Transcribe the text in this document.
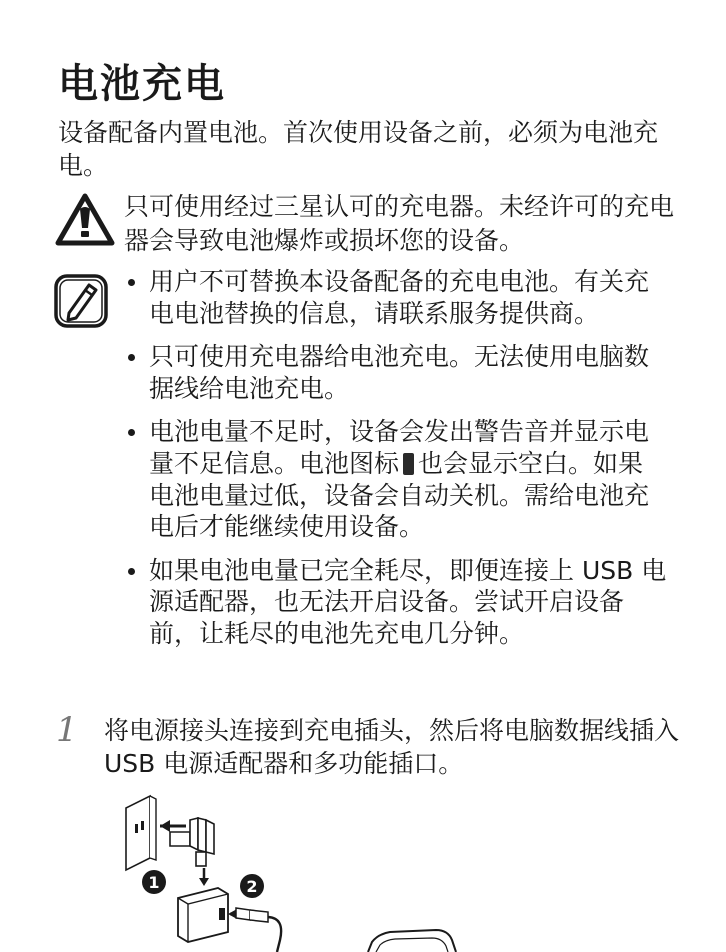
电池充电
设备配备内置电池。首次使用设备之前，必须为电池充电。
只可使用经过三星认可的充电器。未经许可的充电器会导致电池爆炸或损坏您的设备。
用户不可替换本设备配备的充电电池。有关充电电池替换的信息，请联系服务提供商。
只可使用充电器给电池充电。无法使用电脑数据线给电池充电。
电池电量不足时，设备会发出警告音并显示电量不足信息。电池图标 也会显示空白。如果电池电量过低，设备会自动关机。需给电池充电后才能继续使用设备。
如果电池电量已完全耗尽，即便连接上 USB 电源适配器，也无法开启设备。尝试开启设备前，让耗尽的电池先充电几分钟。
1 将电源接头连接到充电插头，然后将电脑数据线插入 USB 电源适配器和多功能插口。
1	2
